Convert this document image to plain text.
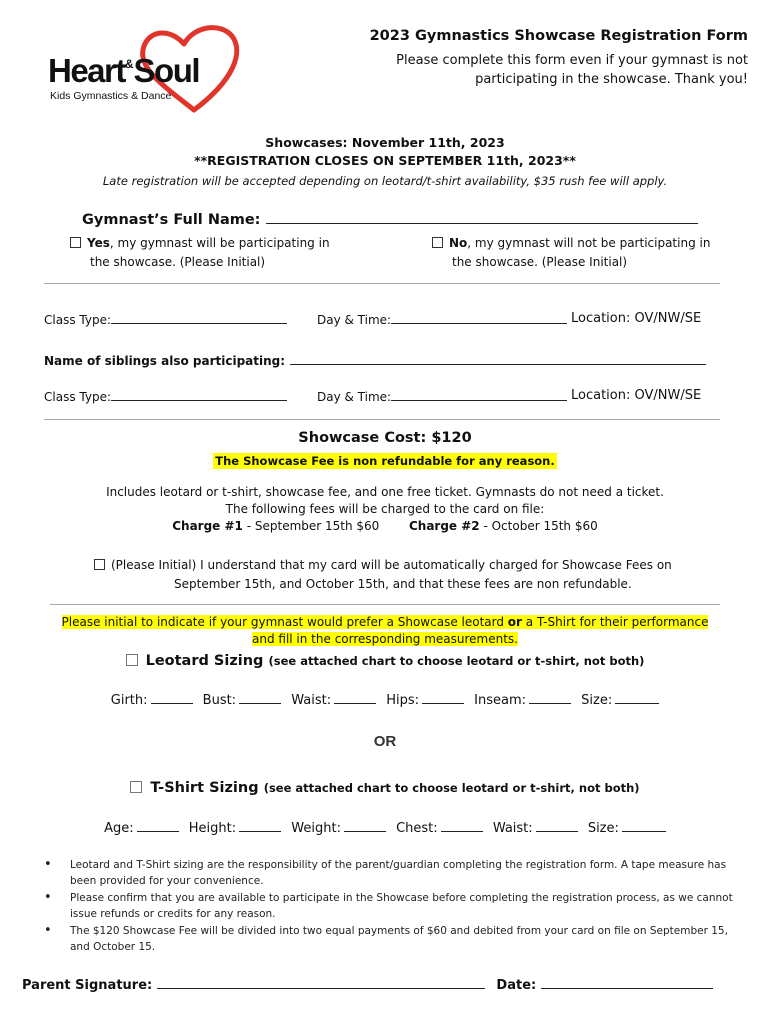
Heart&Soul
Kids Gymnastics & Dance
2023 Gymnastics Showcase Registration Form
Please complete this form even if your gymnast is not
participating in the showcase. Thank you!
Showcases: November 11th, 2023
**REGISTRATION CLOSES ON SEPTEMBER 11th, 2023**
Late registration will be accepted depending on leotard/t-shirt availability, $35 rush fee will apply.
Gymnast’s Full Name:
Yes, my gymnast will be participating in
the showcase. (Please Initial)
No, my gymnast will not be participating in
the showcase. (Please Initial)
Class Type:	Day & Time:	Location: OV/NW/SE
Name of siblings also participating:
Class Type:	Day & Time:	Location: OV/NW/SE
Showcase Cost: $120
The Showcase Fee is non refundable for any reason.
Includes leotard or t-shirt, showcase fee, and one free ticket. Gymnasts do not need a ticket.
The following fees will be charged to the card on file:
Charge #1 - September 15th $60 Charge #2 - October 15th $60
(Please Initial) I understand that my card will be automatically charged for Showcase Fees on
September 15th, and October 15th, and that these fees are non refundable.
Please initial to indicate if your gymnast would prefer a Showcase leotard or a T-Shirt for their performance
and fill in the corresponding measurements.
Leotard Sizing (see attached chart to choose leotard or t-shirt, not both)
Girth:	Bust:	Waist:	Hips:	Inseam:	Size:
OR
T-Shirt Sizing (see attached chart to choose leotard or t-shirt, not both)
Age:	Height:	Weight:	Chest:	Waist:	Size:
• Leotard and T-Shirt sizing are the responsibility of the parent/guardian completing the registration form. A tape measure has been provided for your convenience.
• Please confirm that you are available to participate in the Showcase before completing the registration process, as we cannot issue refunds or credits for any reason.
• The $120 Showcase Fee will be divided into two equal payments of $60 and debited from your card on file on September 15, and October 15.
Parent Signature:	Date:
